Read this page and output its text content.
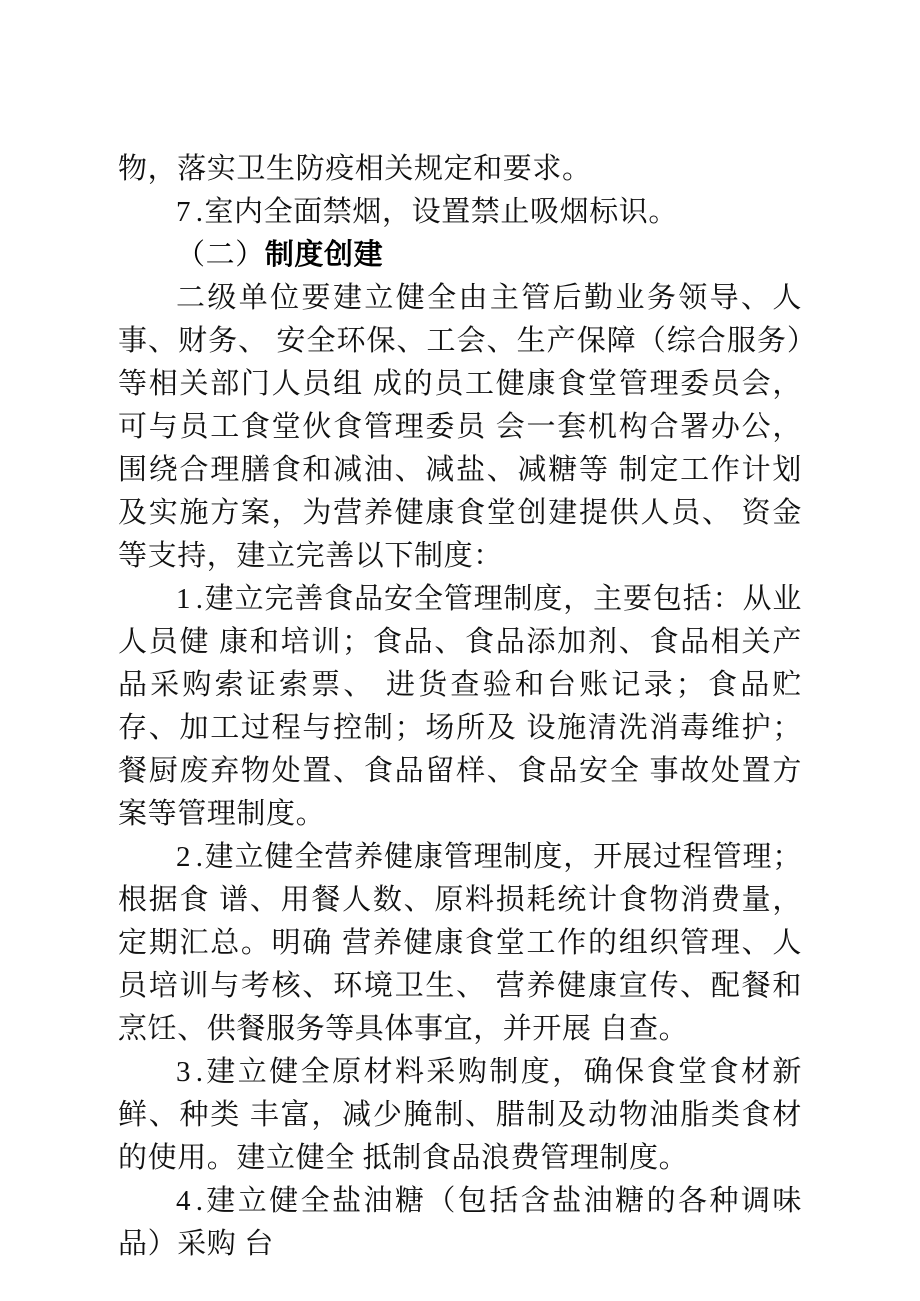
物，落实卫生防疫相关规定和要求。

7 .室内全面禁烟，设置禁止吸烟标识。

（二）制度创建

二级单位要建立健全由主管后勤业务领导、人事、财务、 安全环保、工会、生产保障（综合服务）等相关部门人员组 成的员工健康食堂管理委员会，可与员工食堂伙食管理委员 会一套机构合署办公，围绕合理膳食和减油、减盐、减糖等 制定工作计划及实施方案，为营养健康食堂创建提供人员、 资金等支持，建立完善以下制度：

1 .建立完善食品安全管理制度，主要包括：从业人员健 康和培训；食品、食品添加剂、食品相关产品采购索证索票、 进货查验和台账记录；食品贮存、加工过程与控制；场所及 设施清洗消毒维护；餐厨废弃物处置、食品留样、食品安全 事故处置方案等管理制度。

2 .建立健全营养健康管理制度，开展过程管理；根据食 谱、用餐人数、原料损耗统计食物消费量，定期汇总。明确 营养健康食堂工作的组织管理、人员培训与考核、环境卫生、 营养健康宣传、配餐和烹饪、供餐服务等具体事宜，并开展 自查。

3 .建立健全原材料采购制度，确保食堂食材新鲜、种类 丰富，减少腌制、腊制及动物油脂类食材的使用。建立健全 抵制食品浪费管理制度。

4 .建立健全盐油糖（包括含盐油糖的各种调味品）采购 台
